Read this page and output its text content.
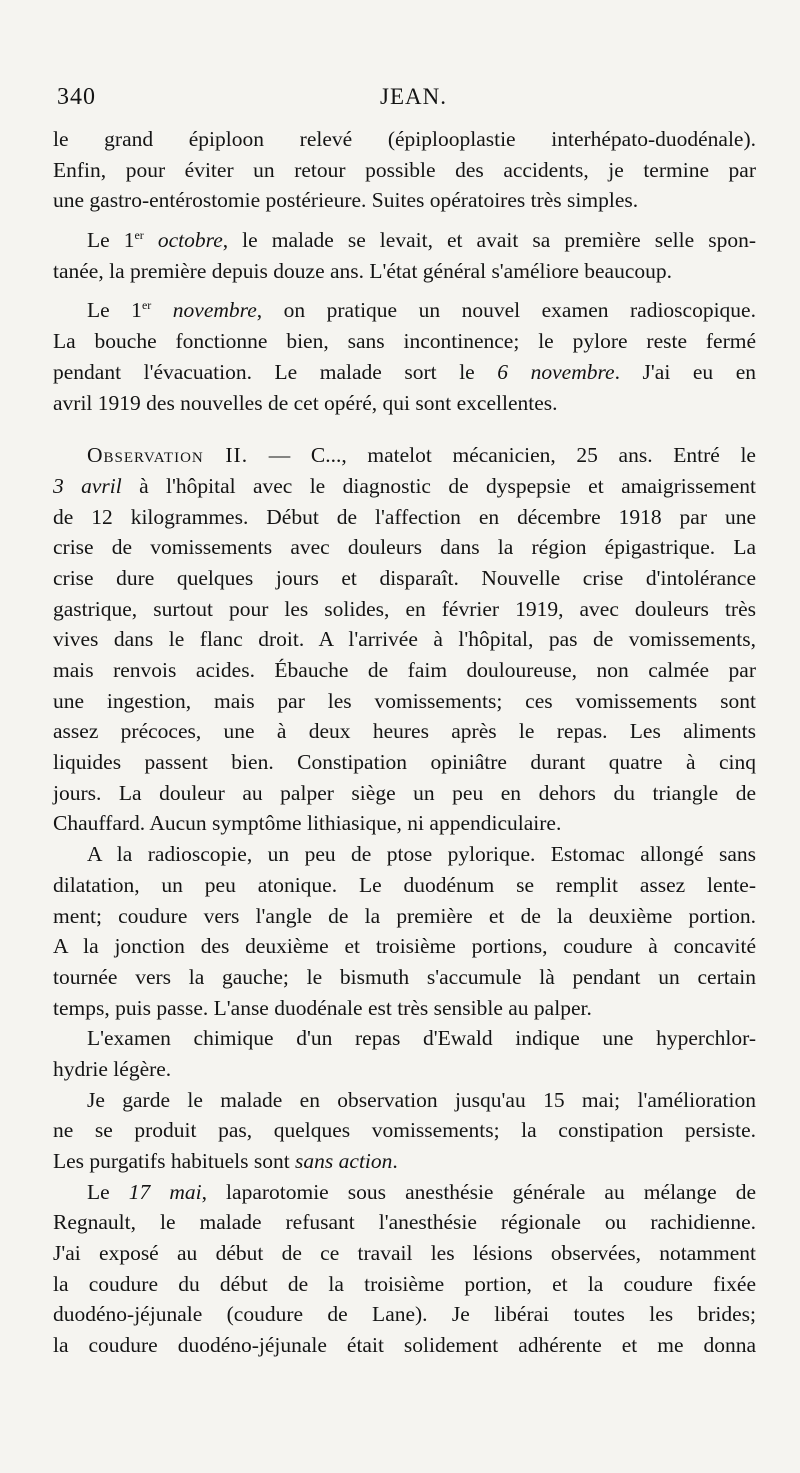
340	JEAN.
le grand épiploon relevé (épiplooplastie interhépato-duodénale).
Enfin, pour éviter un retour possible des accidents, je termine par
une gastro-entérostomie postérieure. Suites opératoires très simples.
Le 1er octobre, le malade se levait, et avait sa première selle spon-
tanée, la première depuis douze ans. L'état général s'améliore beaucoup.
Le 1er novembre, on pratique un nouvel examen radioscopique.
La bouche fonctionne bien, sans incontinence; le pylore reste fermé
pendant l'évacuation. Le malade sort le 6 novembre. J'ai eu en
avril 1919 des nouvelles de cet opéré, qui sont excellentes.
Observation II. — C..., matelot mécanicien, 25 ans. Entré le
3 avril à l'hôpital avec le diagnostic de dyspepsie et amaigrissement
de 12 kilogrammes. Début de l'affection en décembre 1918 par une
crise de vomissements avec douleurs dans la région épigastrique. La
crise dure quelques jours et disparaît. Nouvelle crise d'intolérance
gastrique, surtout pour les solides, en février 1919, avec douleurs très
vives dans le flanc droit. A l'arrivée à l'hôpital, pas de vomissements,
mais renvois acides. Ébauche de faim douloureuse, non calmée par
une ingestion, mais par les vomissements; ces vomissements sont
assez précoces, une à deux heures après le repas. Les aliments
liquides passent bien. Constipation opiniâtre durant quatre à cinq
jours. La douleur au palper siège un peu en dehors du triangle de
Chauffard. Aucun symptôme lithiasique, ni appendiculaire.
A la radioscopie, un peu de ptose pylorique. Estomac allongé sans
dilatation, un peu atonique. Le duodénum se remplit assez lente-
ment; coudure vers l'angle de la première et de la deuxième portion.
A la jonction des deuxième et troisième portions, coudure à concavité
tournée vers la gauche; le bismuth s'accumule là pendant un certain
temps, puis passe. L'anse duodénale est très sensible au palper.
L'examen chimique d'un repas d'Ewald indique une hyperchlor-
hydrie légère.
Je garde le malade en observation jusqu'au 15 mai; l'amélioration
ne se produit pas, quelques vomissements; la constipation persiste.
Les purgatifs habituels sont sans action.
Le 17 mai, laparotomie sous anesthésie générale au mélange de
Regnault, le malade refusant l'anesthésie régionale ou rachidienne.
J'ai exposé au début de ce travail les lésions observées, notamment
la coudure du début de la troisième portion, et la coudure fixée
duodéno-jéjunale (coudure de Lane). Je libérai toutes les brides;
la coudure duodéno-jéjunale était solidement adhérente et me donna
